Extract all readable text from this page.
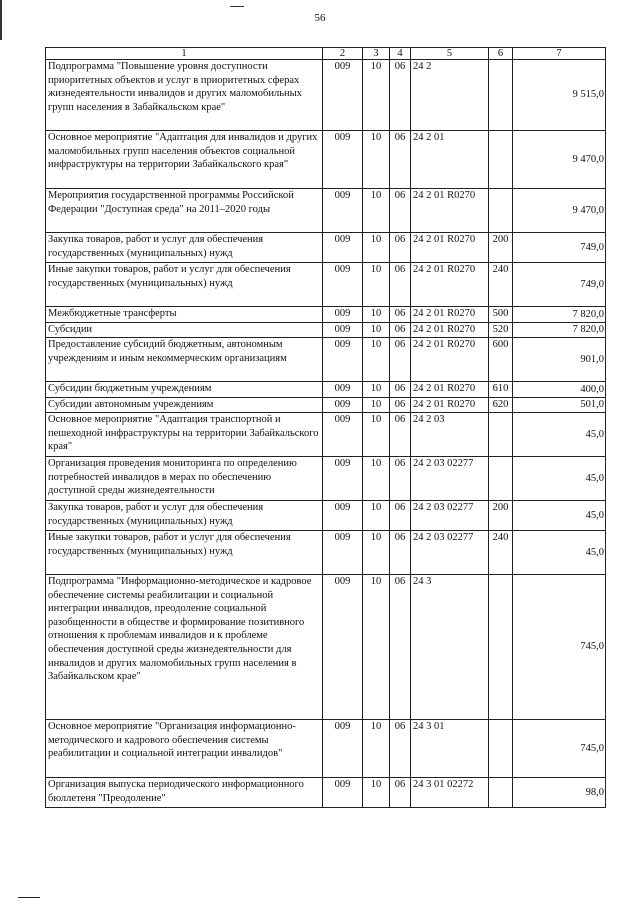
56
1	2	3	4	5	6	7
Подпрограмма "Повышение уровня доступности приоритетных объектов и услуг в приоритетных сферах жизнедеятельности инвалидов и других маломобильных групп населения в Забайкальском крае"	009	10	06	24 2		9 515,0
Основное мероприятие "Адаптация для инвалидов и других маломобильных групп населения объектов социальной инфраструктуры на территории Забайкальского края"	009	10	06	24 2 01		9 470,0
Мероприятия государственной программы Российской Федерации "Доступная среда" на 2011–2020 годы	009	10	06	24 2 01 R0270		9 470,0
Закупка товаров, работ и услуг для обеспечения государственных (муниципальных) нужд	009	10	06	24 2 01 R0270	200	749,0
Иные закупки товаров, работ и услуг для обеспечения государственных (муниципальных) нужд	009	10	06	24 2 01 R0270	240	749,0
Межбюджетные трансферты	009	10	06	24 2 01 R0270	500	7 820,0
Субсидии	009	10	06	24 2 01 R0270	520	7 820,0
Предоставление субсидий бюджетным, автономным учреждениям и иным некоммерческим организациям	009	10	06	24 2 01 R0270	600	901,0
Субсидии бюджетным учреждениям	009	10	06	24 2 01 R0270	610	400,0
Субсидии автономным учреждениям	009	10	06	24 2 01 R0270	620	501,0
Основное мероприятие "Адаптация транспортной и пешеходной инфраструктуры на территории Забайкальского края"	009	10	06	24 2 03		45,0
Организация проведения мониторинга по определению потребностей инвалидов в мерах по обеспечению доступной среды жизнедеятельности	009	10	06	24 2 03 02277		45,0
Закупка товаров, работ и услуг для обеспечения государственных (муниципальных) нужд	009	10	06	24 2 03 02277	200	45,0
Иные закупки товаров, работ и услуг для обеспечения государственных (муниципальных) нужд	009	10	06	24 2 03 02277	240	45,0
Подпрограмма "Информационно-методическое и кадровое обеспечение системы реабилитации и социальной интеграции инвалидов, преодоление социальной разобщенности в обществе и формирование позитивного отношения к проблемам инвалидов и к проблеме обеспечения доступной среды жизнедеятельности для инвалидов и других маломобильных групп населения в Забайкальском крае"	009	10	06	24 3		745,0
Основное мероприятие "Организация информационно-методического и кадрового обеспечения системы реабилитации и социальной интеграции инвалидов"	009	10	06	24 3 01		745,0
Организация выпуска периодического информационного бюллетеня "Преодоление"	009	10	06	24 3 01 02272		98,0
